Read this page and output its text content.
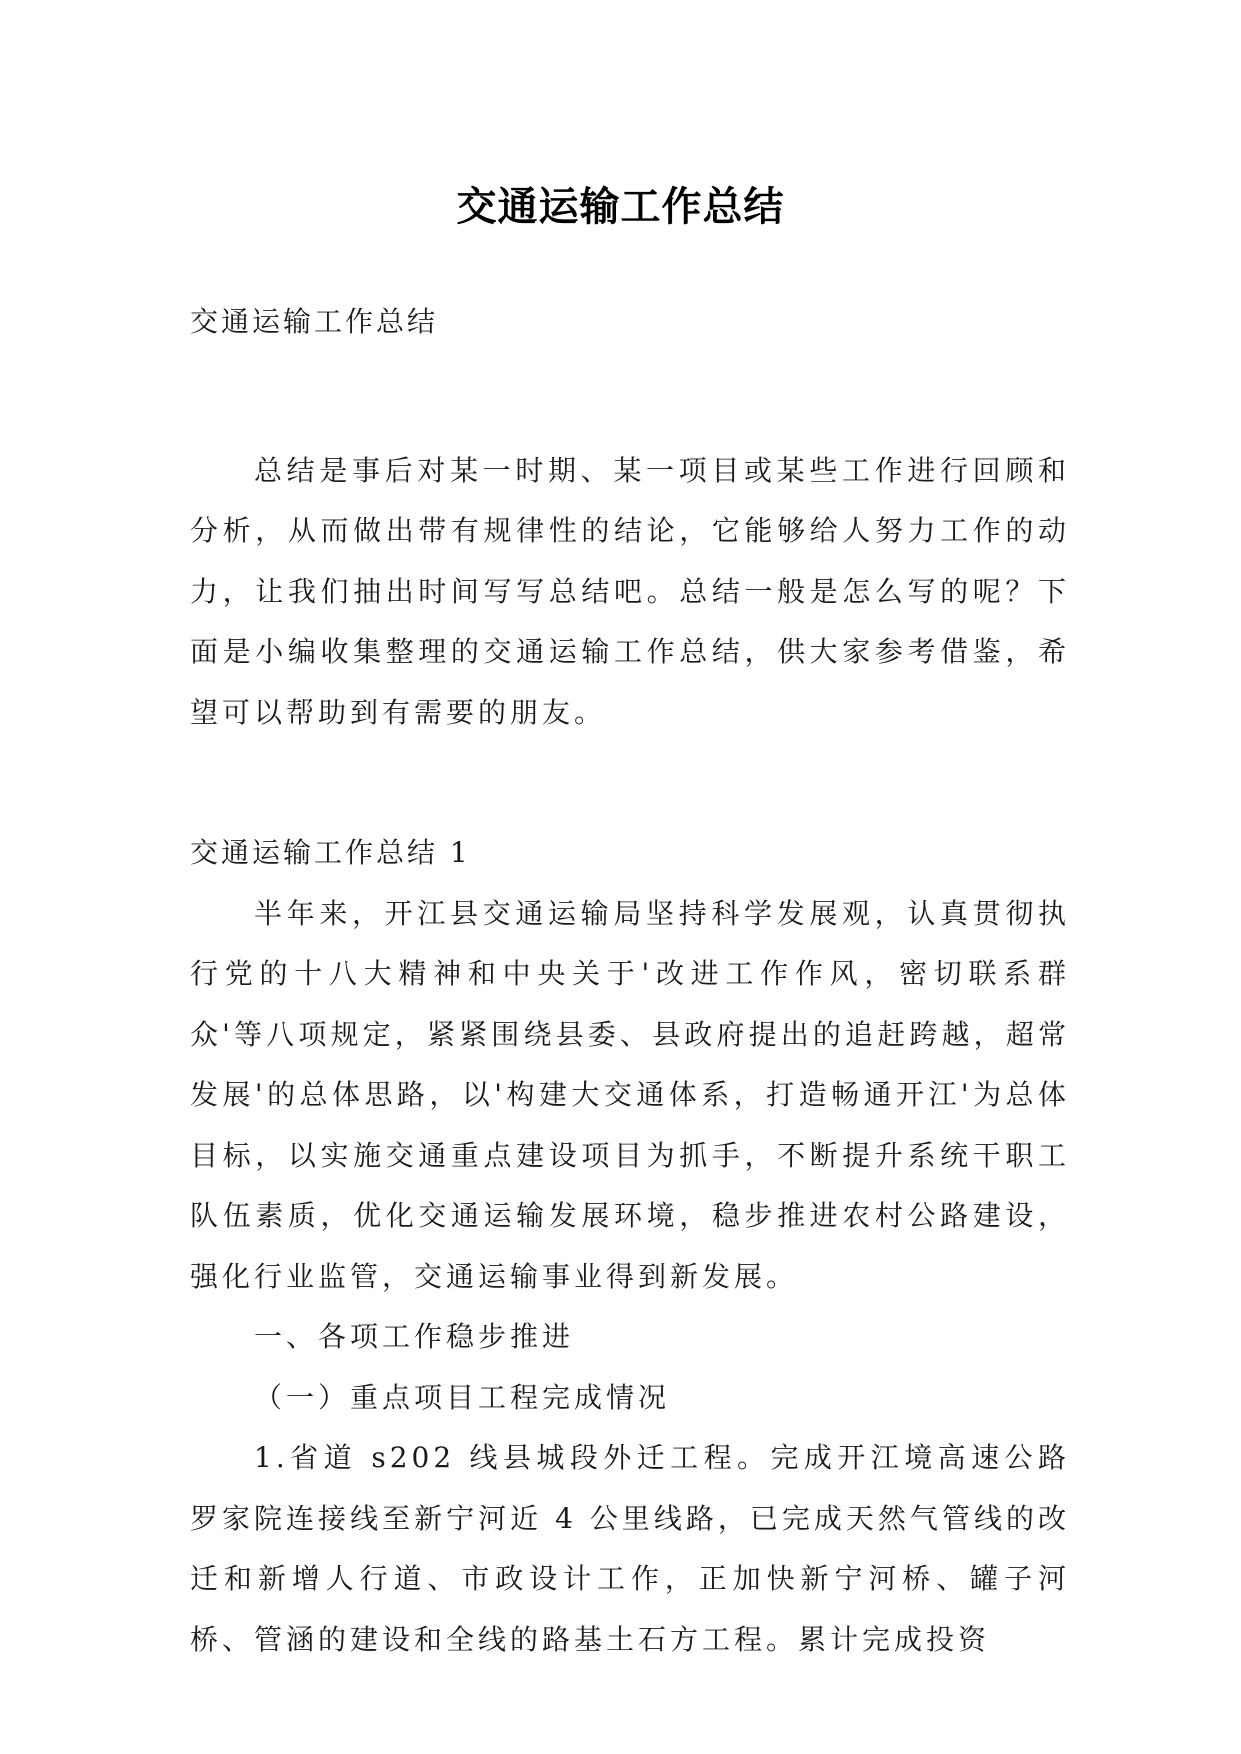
交通运输工作总结

交通运输工作总结

总结是事后对某一时期、某一项目或某些工作进行回顾和分析，从而做出带有规律性的结论，它能够给人努力工作的动力，让我们抽出时间写写总结吧。总结一般是怎么写的呢？下面是小编收集整理的交通运输工作总结，供大家参考借鉴，希望可以帮助到有需要的朋友。

交通运输工作总结 1

半年来，开江县交通运输局坚持科学发展观，认真贯彻执行党的十八大精神和中央关于'改进工作作风，密切联系群众'等八项规定，紧紧围绕县委、县政府提出的追赶跨越，超常发展'的总体思路，以'构建大交通体系，打造畅通开江'为总体目标，以实施交通重点建设项目为抓手，不断提升系统干职工队伍素质，优化交通运输发展环境，稳步推进农村公路建设，强化行业监管，交通运输事业得到新发展。

一、各项工作稳步推进

（一）重点项目工程完成情况

1.省道 s202 线县城段外迁工程。完成开江境高速公路罗家院连接线至新宁河近 4 公里线路，已完成天然气管线的改迁和新增人行道、市政设计工作，正加快新宁河桥、罐子河桥、管涵的建设和全线的路基土石方工程。累计完成投资
